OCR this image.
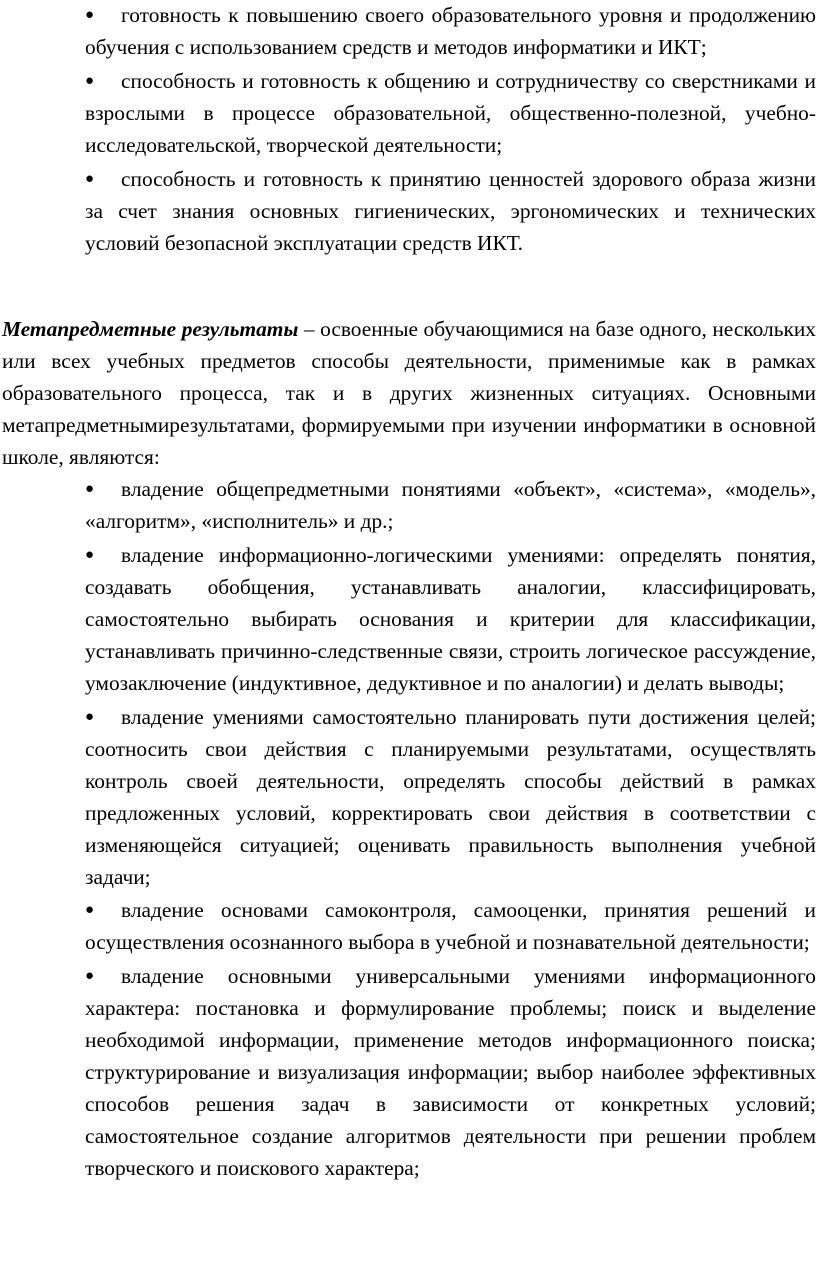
● готовность к повышению своего образовательного уровня и продолжению обучения с использованием средств и методов информатики и ИКТ;
● способность и готовность к общению и сотрудничеству со сверстниками и взрослыми в процессе образовательной, общественно-полезной, учебно-исследовательской, творческой деятельности;
● способность и готовность к принятию ценностей здорового образа жизни за счет знания основных гигиенических, эргономических и технических условий безопасной эксплуатации средств ИКТ.

Метапредметные результаты – освоенные обучающимися на базе одного, нескольких или всех учебных предметов способы деятельности, применимые как в рамках образовательного процесса, так и в других жизненных ситуациях. Основными метапредметнымирезультатами, формируемыми при изучении информатики в основной школе, являются:

● владение общепредметными понятиями «объект», «система», «модель», «алгоритм», «исполнитель» и др.;
● владение информационно-логическими умениями: определять понятия, создавать обобщения, устанавливать аналогии, классифицировать, самостоятельно выбирать основания и критерии для классификации, устанавливать причинно-следственные связи, строить логическое рассуждение, умозаключение (индуктивное, дедуктивное и по аналогии) и делать выводы;
● владение умениями самостоятельно планировать пути достижения целей; соотносить свои действия с планируемыми результатами, осуществлять контроль своей деятельности, определять способы действий в рамках предложенных условий, корректировать свои действия в соответствии с изменяющейся ситуацией; оценивать правильность выполнения учебной задачи;
● владение основами самоконтроля, самооценки, принятия решений и осуществления осознанного выбора в учебной и познавательной деятельности;
● владение основными универсальными умениями информационного характера: постановка и формулирование проблемы; поиск и выделение необходимой информации, применение методов информационного поиска; структурирование и визуализация информации; выбор наиболее эффективных способов решения задач в зависимости от конкретных условий; самостоятельное создание алгоритмов деятельности при решении проблем творческого и поискового характера;
